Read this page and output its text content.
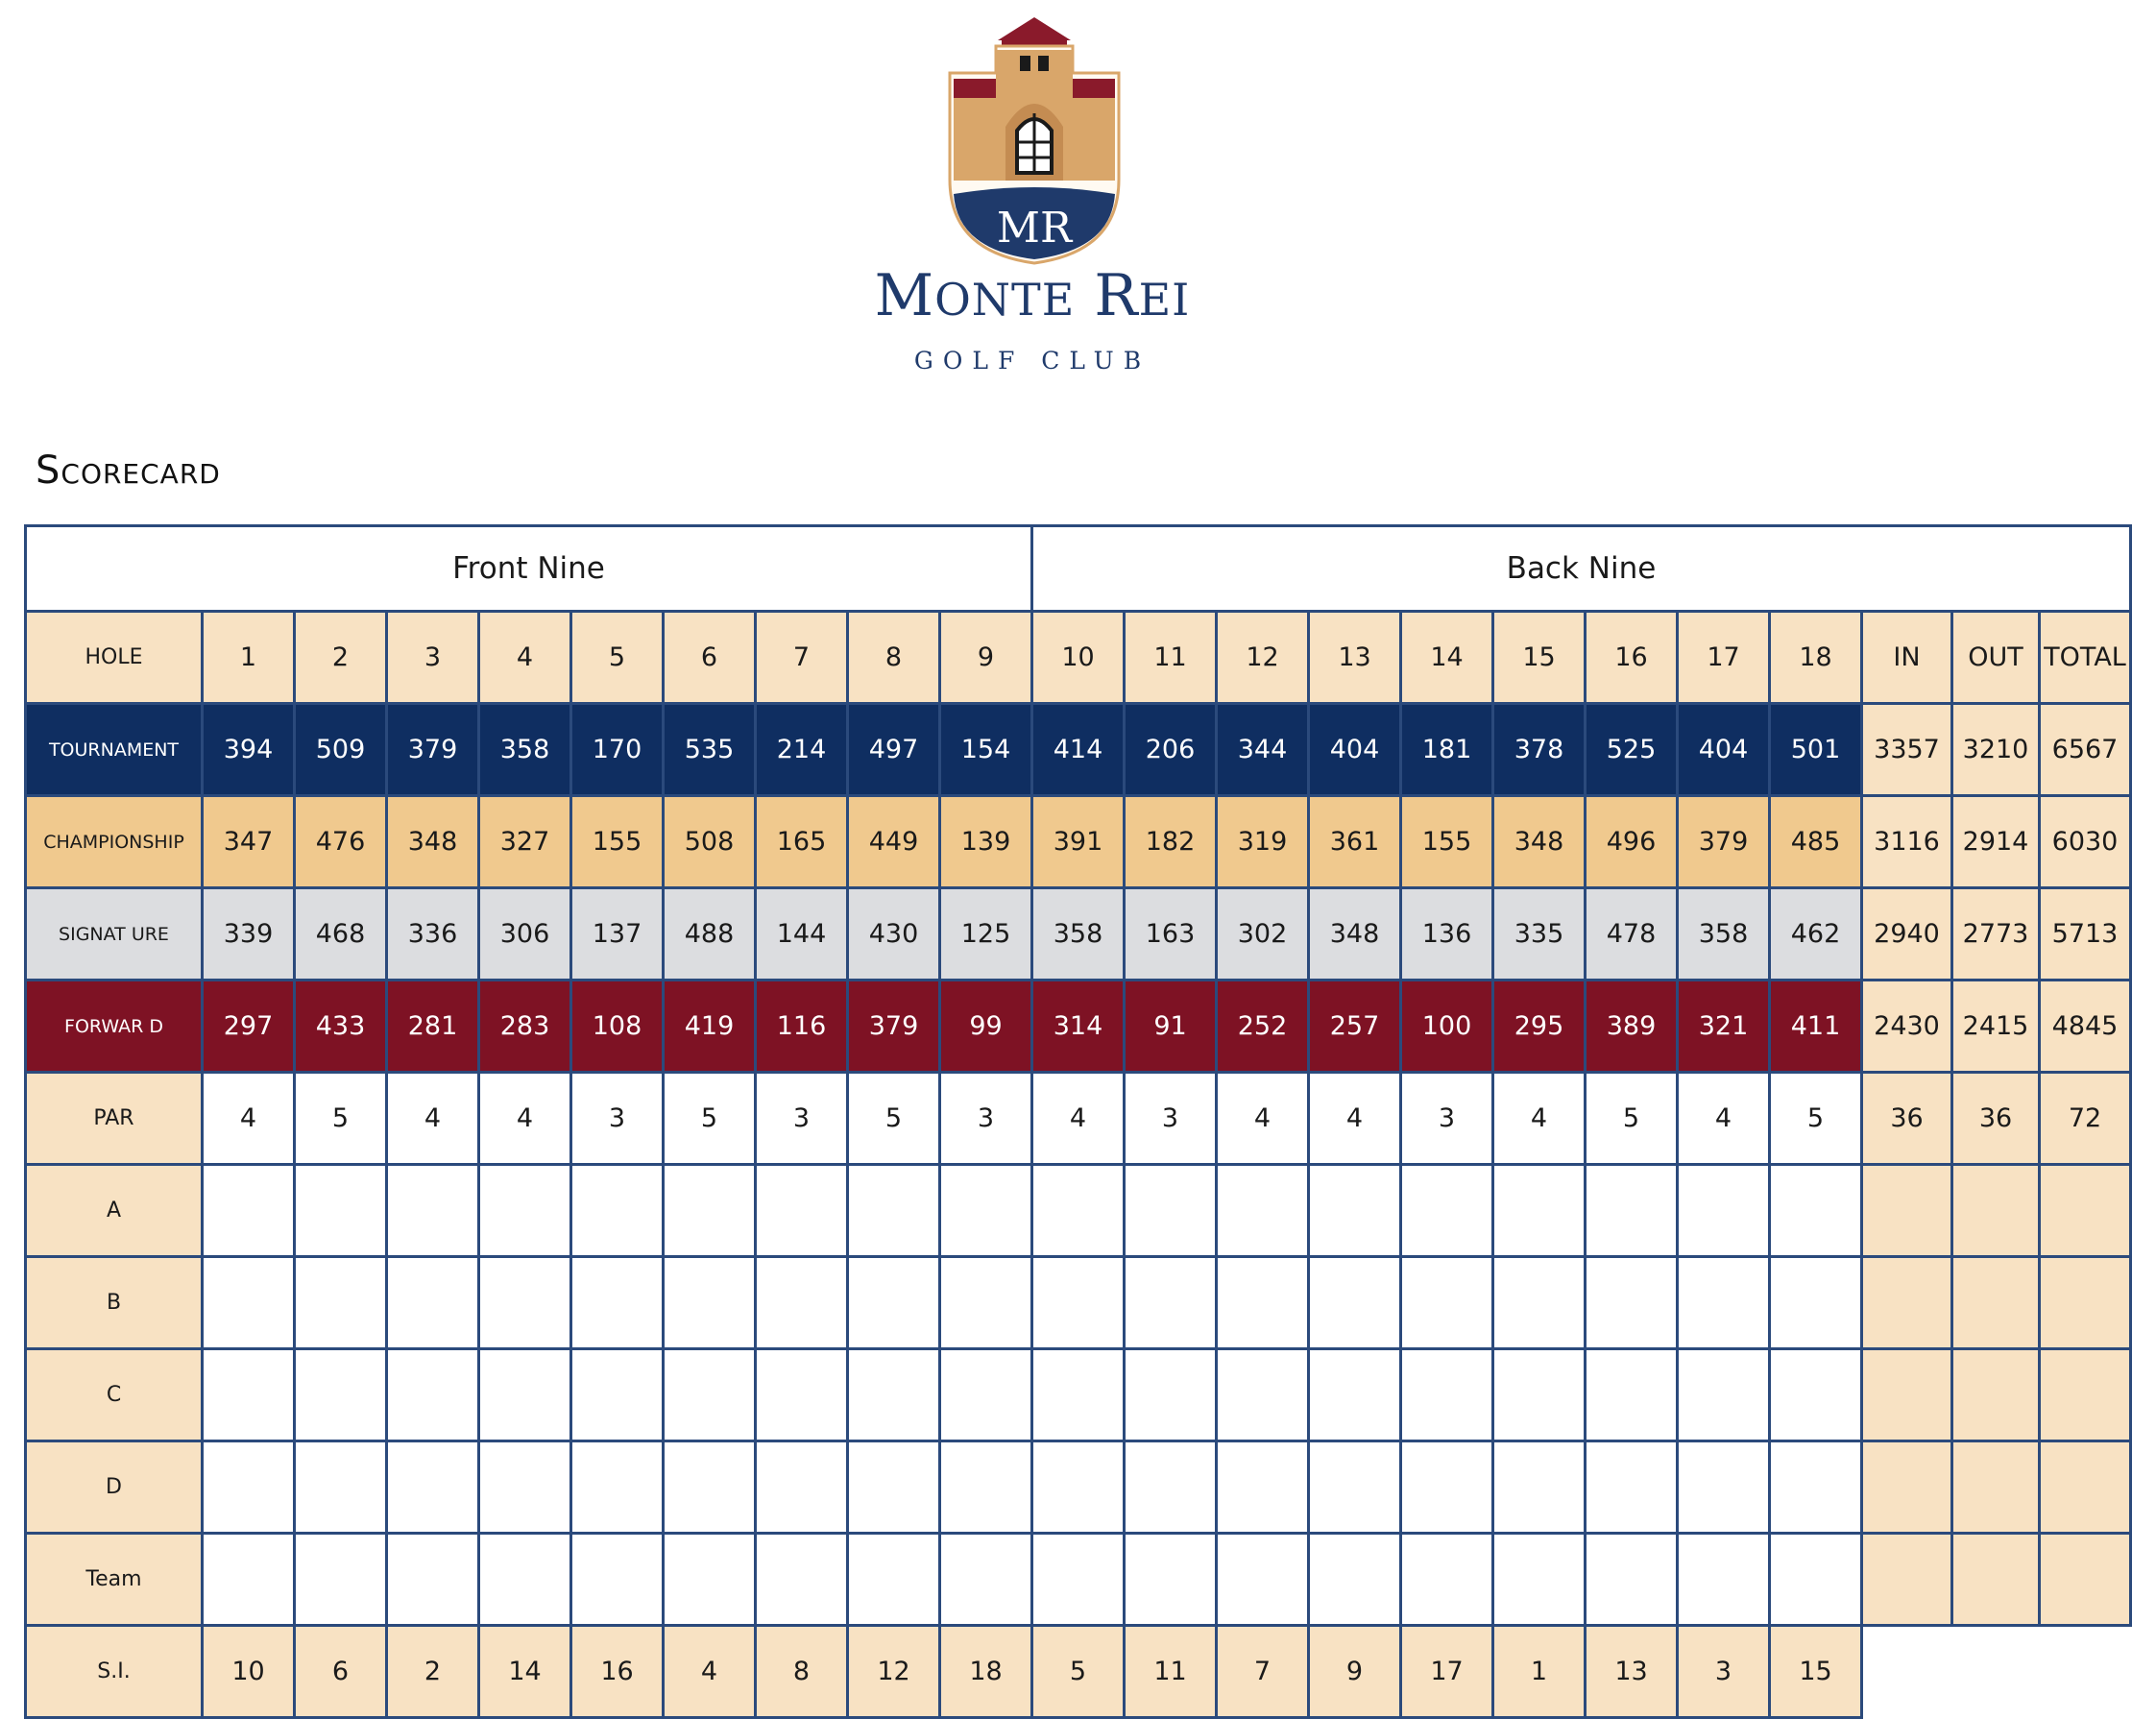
MR
MONTE REI
GOLF CLUB
Scorecard
Front Nine										Back Nine											
HOLE	1	2	3	4	5	6	7	8	9	10	11	12	13	14	15	16	17	18	IN	OUT	TOTAL
TOURNAMENT	394	509	379	358	170	535	214	497	154	414	206	344	404	181	378	525	404	501	3357	3210	6567
CHAMPIONSHIP	347	476	348	327	155	508	165	449	139	391	182	319	361	155	348	496	379	485	3116	2914	6030
SIGNAT URE	339	468	336	306	137	488	144	430	125	358	163	302	348	136	335	478	358	462	2940	2773	5713
FORWAR D	297	433	281	283	108	419	116	379	99	314	91	252	257	100	295	389	321	411	2430	2415	4845
PAR	4	5	4	4	3	5	3	5	3	4	3	4	4	3	4	5	4	5	36	36	72
A																					
B																					
C																					
D																					
Team																					
S.I.	10	6	2	14	16	4	8	12	18	5	11	7	9	17	1	13	3	15			
